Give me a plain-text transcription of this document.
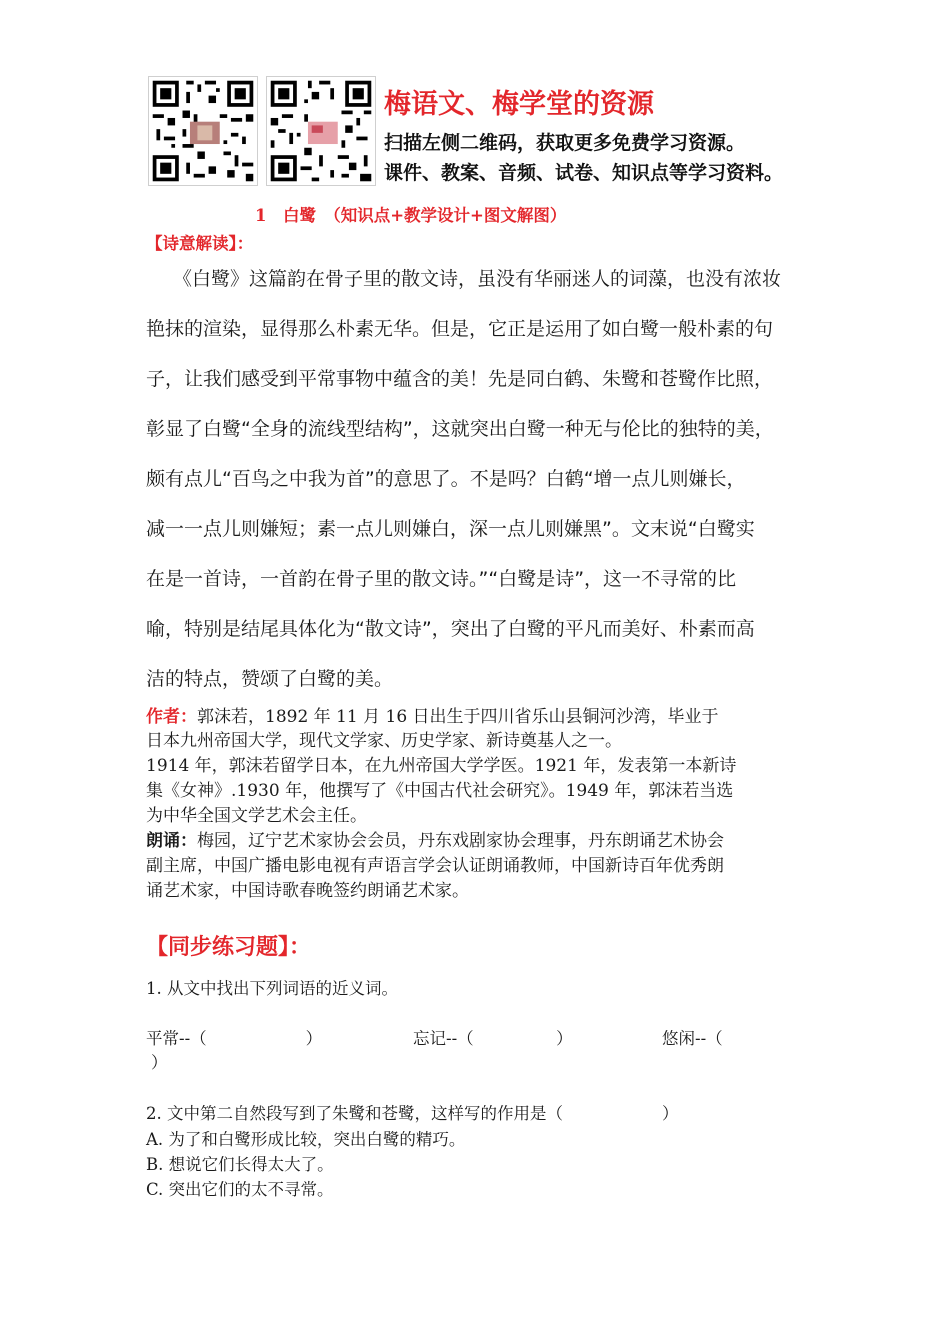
梅语文、梅学堂的资源
扫描左侧二维码，获取更多免费学习资源。
课件、教案、音频、试卷、知识点等学习资料。
1　白鹭　（知识点+教学设计+图文解图）
【诗意解读】：
《白鹭》这篇韵在骨子里的散文诗，虽没有华丽迷人的词藻，也没有浓妆
艳抹的渲染，显得那么朴素无华。但是，它正是运用了如白鹭一般朴素的句
子，让我们感受到平常事物中蕴含的美！先是同白鹤、朱鹭和苍鹭作比照，
彰显了白鹭“全身的流线型结构”，这就突出白鹭一种无与伦比的独特的美，
颇有点儿“百鸟之中我为首”的意思了。不是吗？白鹤“增一点儿则嫌长，
减一一点儿则嫌短；素一点儿则嫌白，深一点儿则嫌黑”。文末说“白鹭实
在是一首诗，一首韵在骨子里的散文诗。”“白鹭是诗”，这一不寻常的比
喻，特别是结尾具体化为“散文诗”，突出了白鹭的平凡而美好、朴素而高
洁的特点，赞颂了白鹭的美。
作者：郭沫若，1892 年 11 月 16 日出生于四川省乐山县铜河沙湾，毕业于
日本九州帝国大学，现代文学家、历史学家、新诗奠基人之一。
1914 年，郭沫若留学日本，在九州帝国大学学医。1921 年，发表第一本新诗
集《女神》.1930 年，他撰写了《中国古代社会研究》。1949 年，郭沫若当选
为中华全国文学艺术会主任。
朗诵：梅园，辽宁艺术家协会会员，丹东戏剧家协会理事，丹东朗诵艺术协会
副主席，中国广播电影电视有声语言学会认证朗诵教师，中国新诗百年优秀朗
诵艺术家，中国诗歌春晚签约朗诵艺术家。
【同步练习题】：
1. 从文中找出下列词语的近义词。
平常--（　　　　　　）	忘记--（　　　　　）	悠闲--（
）
2. 文中第二自然段写到了朱鹭和苍鹭，这样写的作用是（　　　　　　）
A. 为了和白鹭形成比较，突出白鹭的精巧。
B. 想说它们长得太大了。
C. 突出它们的太不寻常。
